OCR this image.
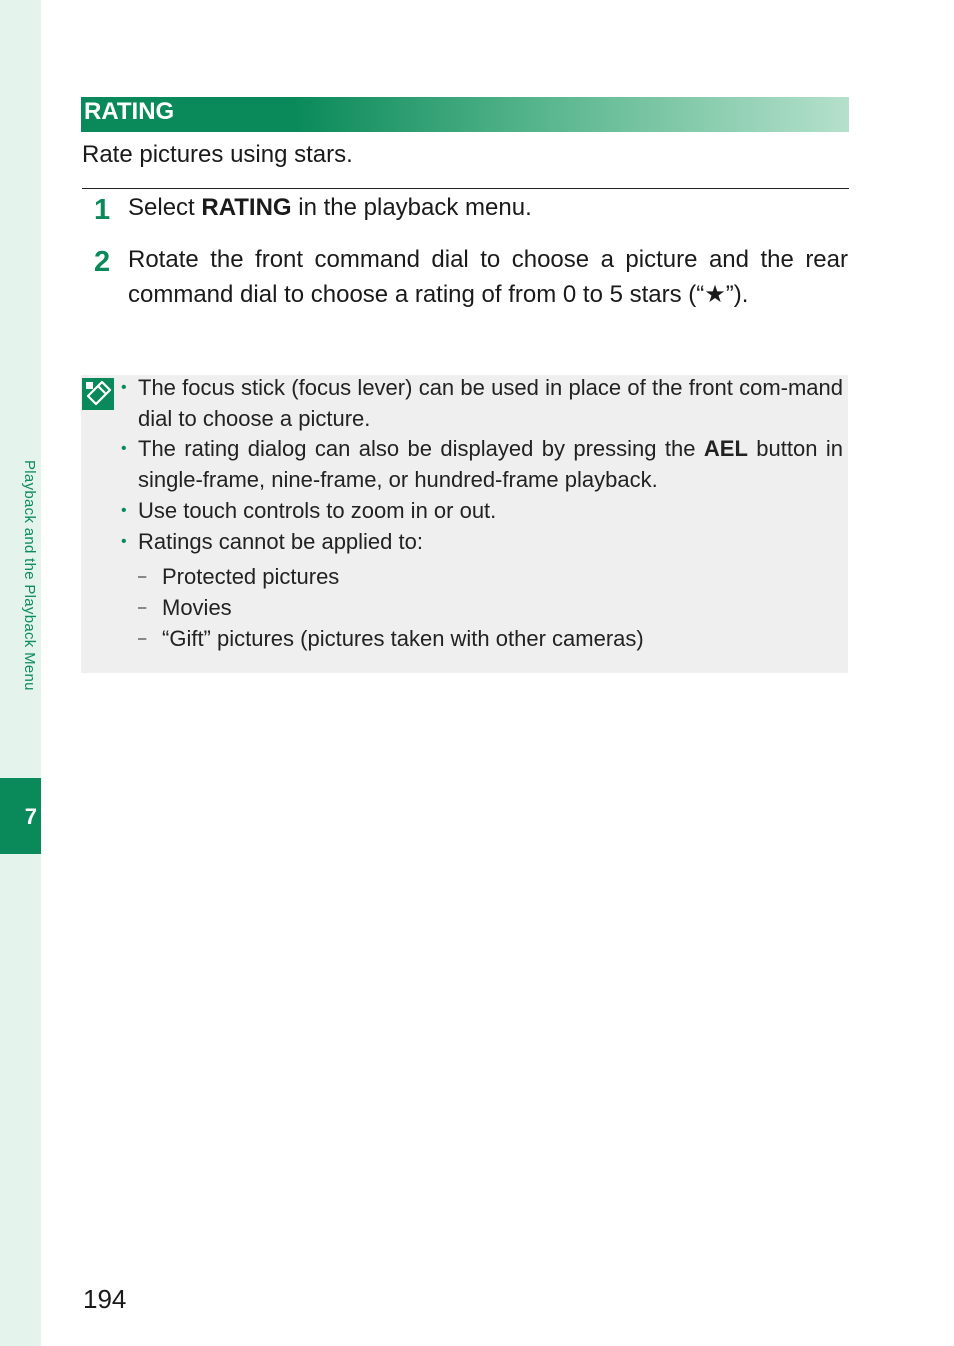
Playback and the Playback Menu
7
RATING
Rate pictures using stars.
1 Select RATING in the playback menu.
2 Rotate the front command dial to choose a picture and the rear command dial to choose a rating of from 0 to 5 stars (“★”).
• The focus stick (focus lever) can be used in place of the front com-mand dial to choose a picture.
• The rating dialog can also be displayed by pressing the AEL button in single-frame, nine-frame, or hundred-frame playback.
• Use touch controls to zoom in or out.
• Ratings cannot be applied to:
– Protected pictures
– Movies
– “Gift” pictures (pictures taken with other cameras)
194
